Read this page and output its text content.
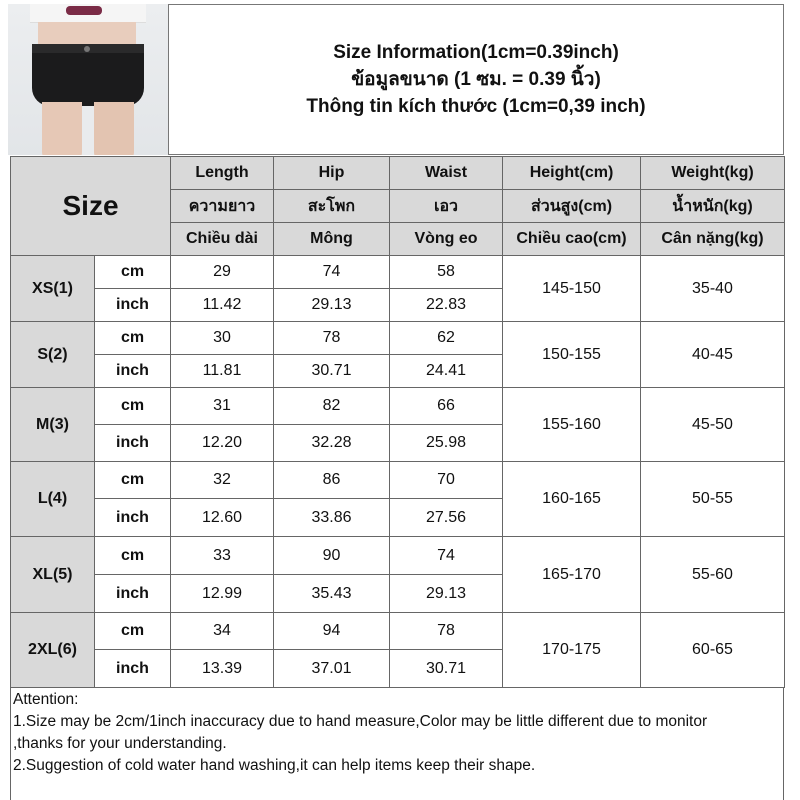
Size Information(1cm=0.39inch)
ข้อมูลขนาด (1 ซม. = 0.39 นิ้ว)
Thông tin kích thước (1cm=0,39 inch)
Size		Length	Hip	Waist	Height(cm)	Weight(kg)
		ความยาว	สะโพก	เอว	ส่วนสูง(cm)	น้ำหนัก(kg)
		Chiều dài	Mông	Vòng eo	Chiều cao(cm)	Cân nặng(kg)
XS(1)	cm	29	74	58	145-150	35-40
	inch	11.42	29.13	22.83		
S(2)	cm	30	78	62	150-155	40-45
	inch	11.81	30.71	24.41		
M(3)	cm	31	82	66	155-160	45-50
	inch	12.20	32.28	25.98		
L(4)	cm	32	86	70	160-165	50-55
	inch	12.60	33.86	27.56		
XL(5)	cm	33	90	74	165-170	55-60
	inch	12.99	35.43	29.13		
2XL(6)	cm	34	94	78	170-175	60-65
	inch	13.39	37.01	30.71		
Attention:
1.Size may be 2cm/1inch inaccuracy due to hand measure,Color may be little different due to monitor
,thanks for your understanding.
2.Suggestion of cold water hand washing,it can help items keep their shape.
